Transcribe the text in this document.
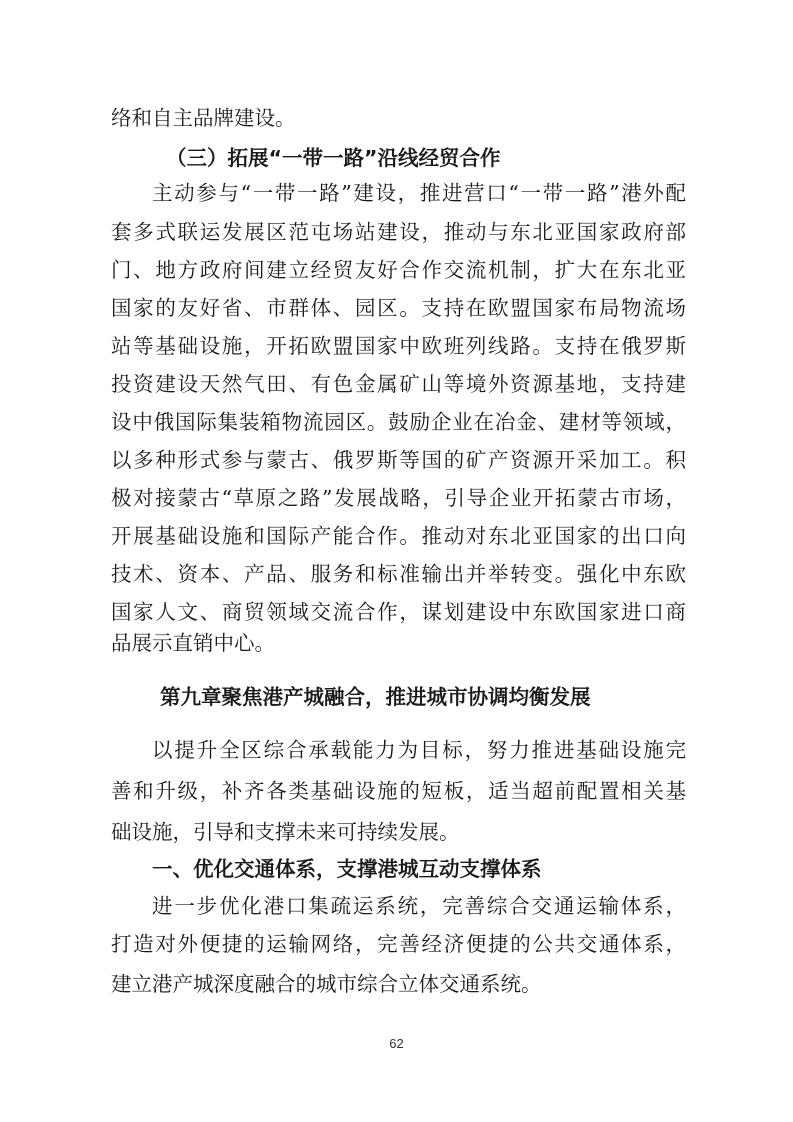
络和自主品牌建设。
（三）拓展“一带一路”沿线经贸合作
主动参与“一带一路”建设，推进营口“一带一路”港外配
套多式联运发展区范屯场站建设，推动与东北亚国家政府部
门、地方政府间建立经贸友好合作交流机制，扩大在东北亚
国家的友好省、市群体、园区。支持在欧盟国家布局物流场
站等基础设施，开拓欧盟国家中欧班列线路。支持在俄罗斯
投资建设天然气田、有色金属矿山等境外资源基地，支持建
设中俄国际集装箱物流园区。鼓励企业在冶金、建材等领域，
以多种形式参与蒙古、俄罗斯等国的矿产资源开采加工。积
极对接蒙古“草原之路”发展战略，引导企业开拓蒙古市场，
开展基础设施和国际产能合作。推动对东北亚国家的出口向
技术、资本、产品、服务和标准输出并举转变。强化中东欧
国家人文、商贸领域交流合作，谋划建设中东欧国家进口商
品展示直销中心。
第九章聚焦港产城融合，推进城市协调均衡发展
以提升全区综合承载能力为目标，努力推进基础设施完
善和升级，补齐各类基础设施的短板，适当超前配置相关基
础设施，引导和支撑未来可持续发展。
一、优化交通体系，支撑港城互动支撑体系
进一步优化港口集疏运系统，完善综合交通运输体系，
打造对外便捷的运输网络，完善经济便捷的公共交通体系，
建立港产城深度融合的城市综合立体交通系统。
62
